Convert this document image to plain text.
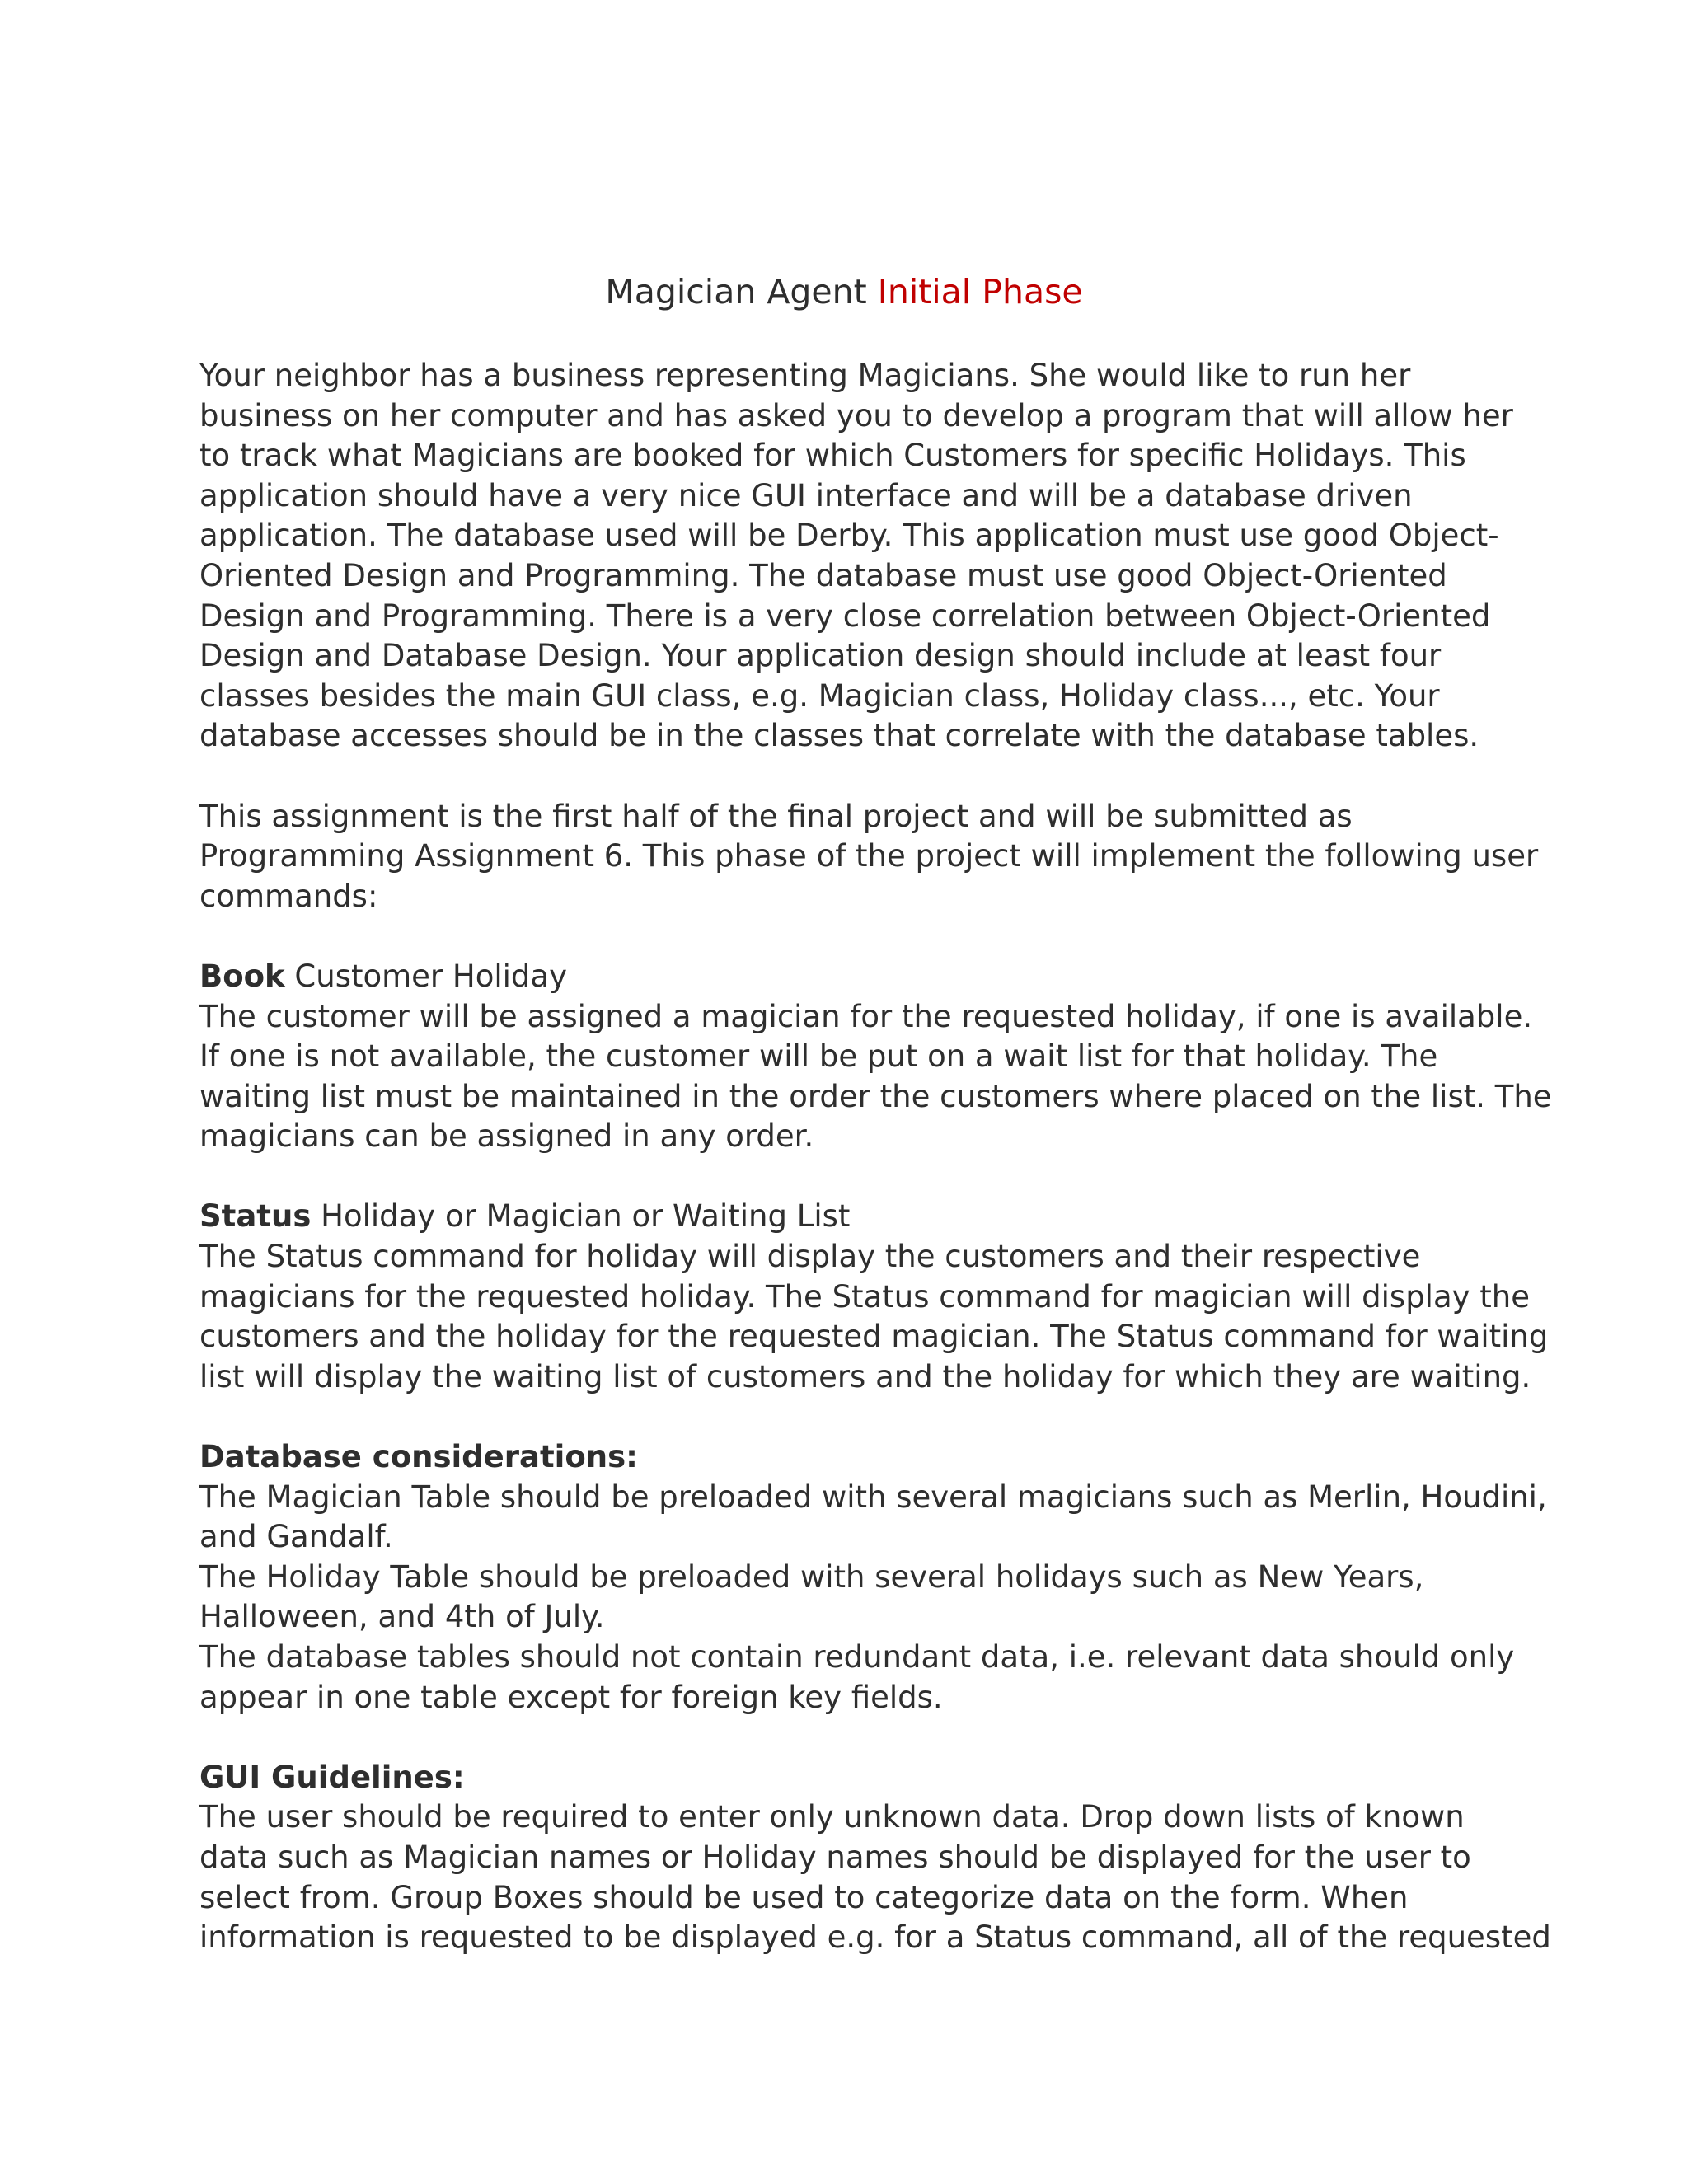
Magician Agent Initial Phase

Your neighbor has a business representing Magicians. She would like to run her
business on her computer and has asked you to develop a program that will allow her
to track what Magicians are booked for which Customers for specific Holidays. This
application should have a very nice GUI interface and will be a database driven
application. The database used will be Derby. This application must use good Object-
Oriented Design and Programming. The database must use good Object-Oriented
Design and Programming. There is a very close correlation between Object-Oriented
Design and Database Design. Your application design should include at least four
classes besides the main GUI class, e.g. Magician class, Holiday class..., etc. Your
database accesses should be in the classes that correlate with the database tables.

This assignment is the first half of the final project and will be submitted as
Programming Assignment 6. This phase of the project will implement the following user
commands:

Book Customer Holiday
The customer will be assigned a magician for the requested holiday, if one is available.
If one is not available, the customer will be put on a wait list for that holiday. The
waiting list must be maintained in the order the customers where placed on the list. The
magicians can be assigned in any order.

Status Holiday or Magician or Waiting List
The Status command for holiday will display the customers and their respective
magicians for the requested holiday. The Status command for magician will display the
customers and the holiday for the requested magician. The Status command for waiting
list will display the waiting list of customers and the holiday for which they are waiting.

Database considerations:
The Magician Table should be preloaded with several magicians such as Merlin, Houdini,
and Gandalf.
The Holiday Table should be preloaded with several holidays such as New Years,
Halloween, and 4th of July.
The database tables should not contain redundant data, i.e. relevant data should only
appear in one table except for foreign key fields.

GUI Guidelines:
The user should be required to enter only unknown data. Drop down lists of known
data such as Magician names or Holiday names should be displayed for the user to
select from. Group Boxes should be used to categorize data on the form. When
information is requested to be displayed e.g. for a Status command, all of the requested
